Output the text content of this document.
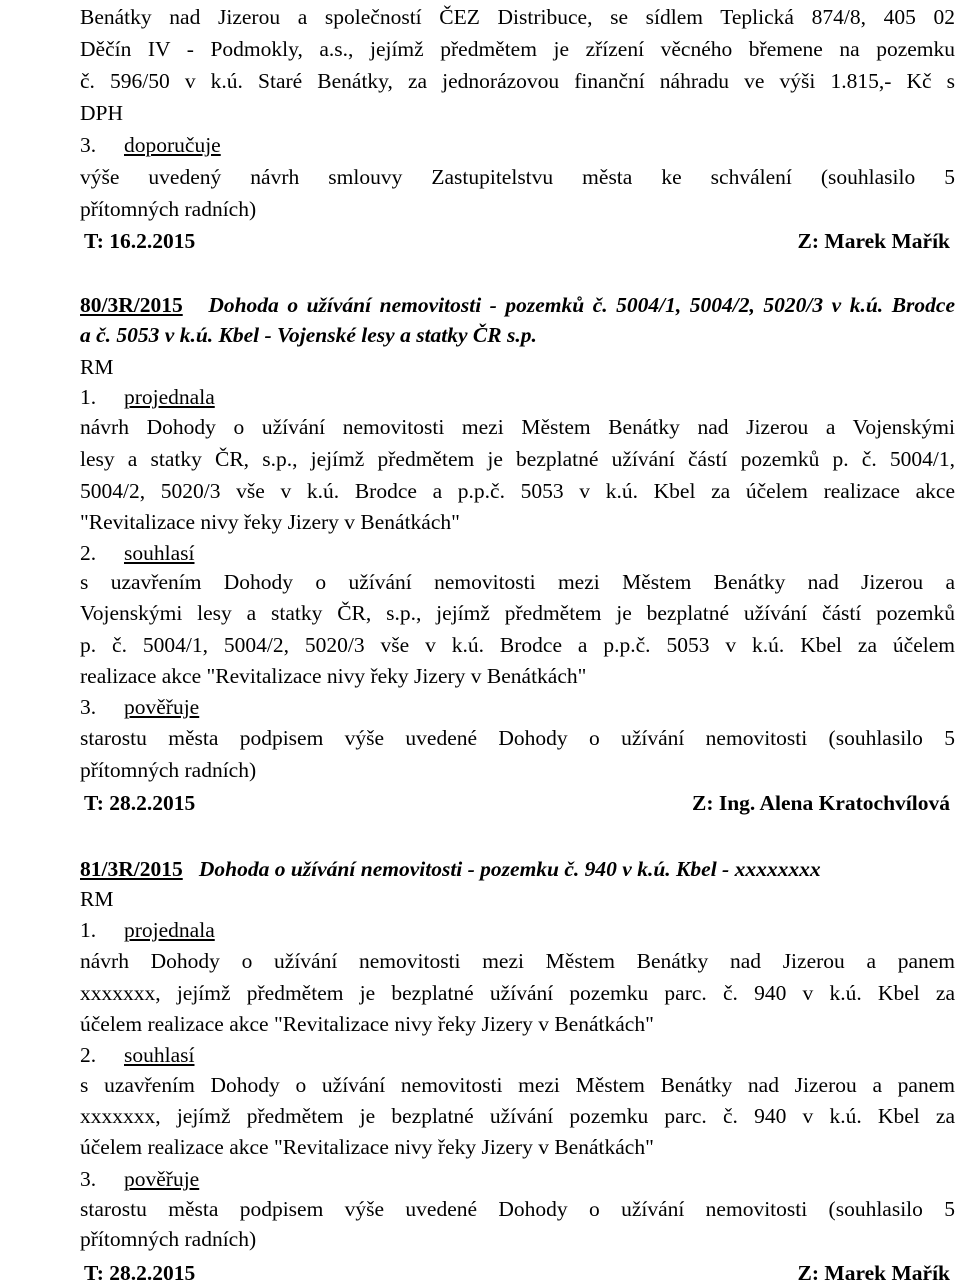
Benátky nad Jizerou a společností ČEZ Distribuce, se sídlem Teplická 874/8, 405 02
Děčín IV - Podmokly, a.s., jejímž předmětem je zřízení věcného břemene na pozemku
č. 596/50 v k.ú. Staré Benátky, za jednorázovou finanční náhradu ve výši 1.815,- Kč s
DPH
3. doporučuje
výše uvedený návrh smlouvy Zastupitelstvu města ke schválení (souhlasilo 5
přítomných radních)
T: 16.2.2015	Z: Marek Mařík
80/3R/2015 Dohoda o užívání nemovitosti - pozemků č. 5004/1, 5004/2, 5020/3 v k.ú. Brodce
a č. 5053 v k.ú. Kbel - Vojenské lesy a statky ČR s.p.
RM
1. projednala
návrh Dohody o užívání nemovitosti mezi Městem Benátky nad Jizerou a Vojenskými
lesy a statky ČR, s.p., jejímž předmětem je bezplatné užívání částí pozemků p. č. 5004/1,
5004/2, 5020/3 vše v k.ú. Brodce a p.p.č. 5053 v k.ú. Kbel za účelem realizace akce
"Revitalizace nivy řeky Jizery v Benátkách"
2. souhlasí
s uzavřením Dohody o užívání nemovitosti mezi Městem Benátky nad Jizerou a
Vojenskými lesy a statky ČR, s.p., jejímž předmětem je bezplatné užívání částí pozemků
p. č. 5004/1, 5004/2, 5020/3 vše v k.ú. Brodce a p.p.č. 5053 v k.ú. Kbel za účelem
realizace akce "Revitalizace nivy řeky Jizery v Benátkách"
3. pověřuje
starostu města podpisem výše uvedené Dohody o užívání nemovitosti (souhlasilo 5
přítomných radních)
T: 28.2.2015	Z: Ing. Alena Kratochvílová
81/3R/2015 Dohoda o užívání nemovitosti - pozemku č. 940 v k.ú. Kbel - xxxxxxxx
RM
1. projednala
návrh Dohody o užívání nemovitosti mezi Městem Benátky nad Jizerou a panem
xxxxxxx, jejímž předmětem je bezplatné užívání pozemku parc. č. 940 v k.ú. Kbel za
účelem realizace akce "Revitalizace nivy řeky Jizery v Benátkách"
2. souhlasí
s uzavřením Dohody o užívání nemovitosti mezi Městem Benátky nad Jizerou a panem
xxxxxxx, jejímž předmětem je bezplatné užívání pozemku parc. č. 940 v k.ú. Kbel za
účelem realizace akce "Revitalizace nivy řeky Jizery v Benátkách"
3. pověřuje
starostu města podpisem výše uvedené Dohody o užívání nemovitosti (souhlasilo 5
přítomných radních)
T: 28.2.2015	Z: Marek Mařík
